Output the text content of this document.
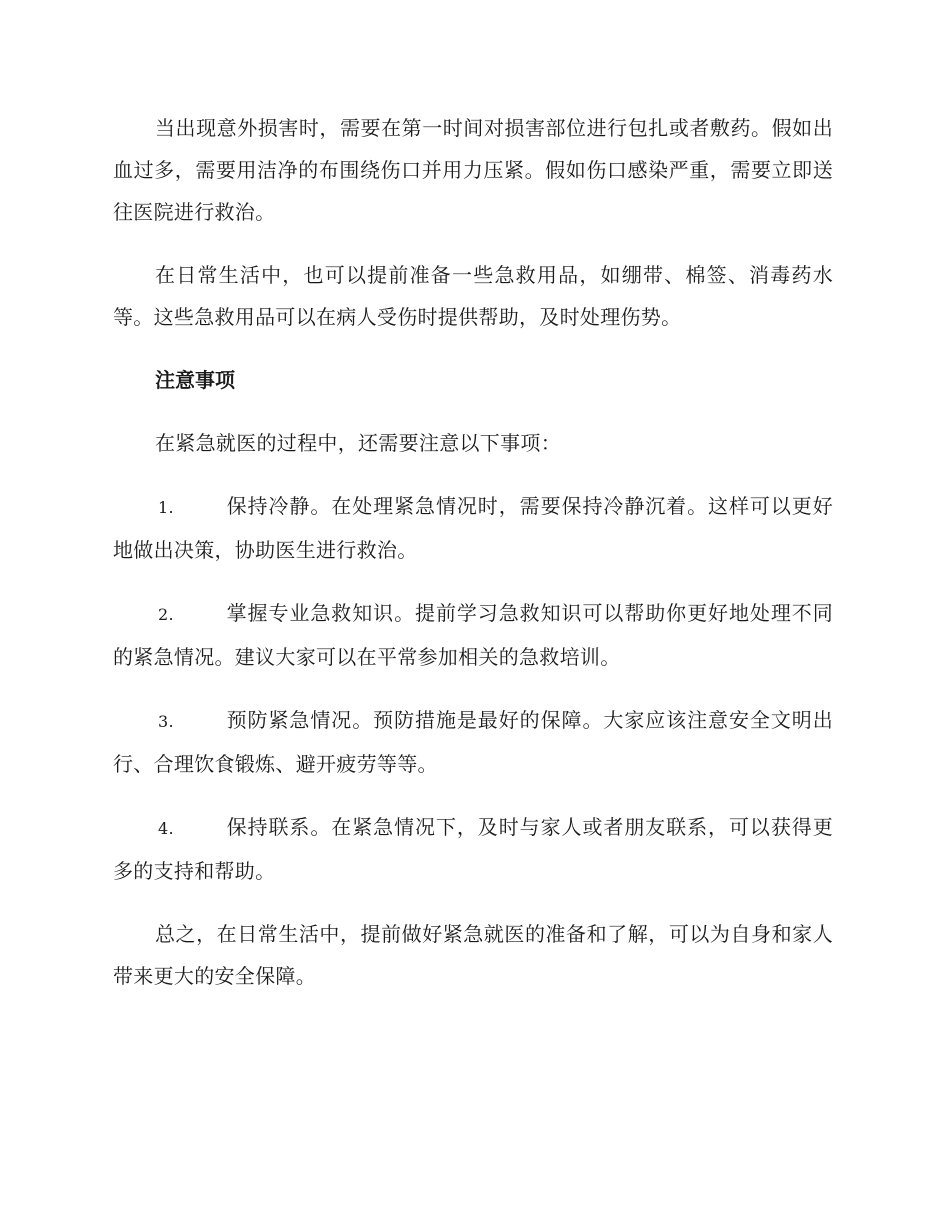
当出现意外损害时，需要在第一时间对损害部位进行包扎或者敷药。假如出血过多，需要用洁净的布围绕伤口并用力压紧。假如伤口感染严重，需要立即送往医院进行救治。

在日常生活中，也可以提前准备一些急救用品，如绷带、棉签、消毒药水等。这些急救用品可以在病人受伤时提供帮助，及时处理伤势。

注意事项

在紧急就医的过程中，还需要注意以下事项：

1.	保持冷静。在处理紧急情况时，需要保持冷静沉着。这样可以更好地做出决策，协助医生进行救治。

2.	掌握专业急救知识。提前学习急救知识可以帮助你更好地处理不同的紧急情况。建议大家可以在平常参加相关的急救培训。

3.	预防紧急情况。预防措施是最好的保障。大家应该注意安全文明出行、合理饮食锻炼、避开疲劳等等。

4.	保持联系。在紧急情况下，及时与家人或者朋友联系，可以获得更多的支持和帮助。

总之，在日常生活中，提前做好紧急就医的准备和了解，可以为自身和家人带来更大的安全保障。
